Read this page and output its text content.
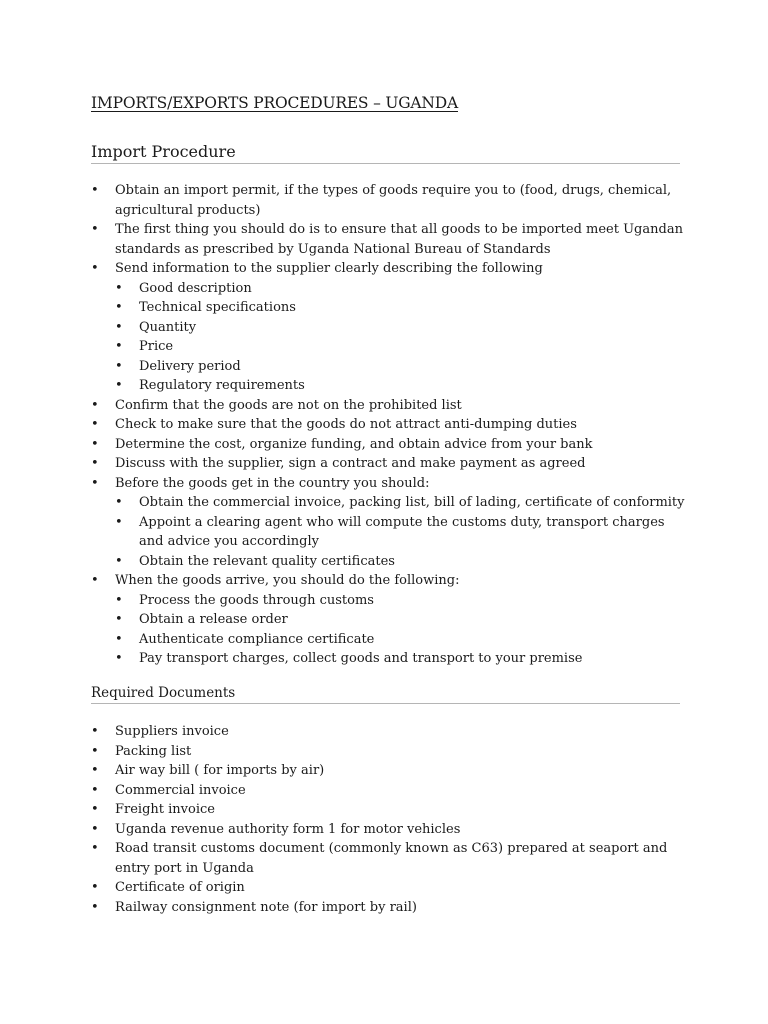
IMPORTS/EXPORTS PROCEDURES – UGANDA
Import Procedure
• Obtain an import permit, if the types of goods require you to (food, drugs, chemical, agricultural products)
• The first thing you should do is to ensure that all goods to be imported meet Ugandan standards as prescribed by Uganda National Bureau of Standards
• Send information to the supplier clearly describing the following
• Good description
• Technical specifications
• Quantity
• Price
• Delivery period
• Regulatory requirements
• Confirm that the goods are not on the prohibited list
• Check to make sure that the goods do not attract anti-dumping duties
• Determine the cost, organize funding, and obtain advice from your bank
• Discuss with the supplier, sign a contract and make payment as agreed
• Before the goods get in the country you should:
• Obtain the commercial invoice, packing list, bill of lading, certificate of conformity
• Appoint a clearing agent who will compute the customs duty, transport charges and advice you accordingly
• Obtain the relevant quality certificates
• When the goods arrive, you should do the following:
• Process the goods through customs
• Obtain a release order
• Authenticate compliance certificate
• Pay transport charges, collect goods and transport to your premise
Required Documents
• Suppliers invoice
• Packing list
• Air way bill ( for imports by air)
• Commercial invoice
• Freight invoice
• Uganda revenue authority form 1 for motor vehicles
• Road transit customs document (commonly known as C63) prepared at seaport and entry port in Uganda
• Certificate of origin
• Railway consignment note (for import by rail)
